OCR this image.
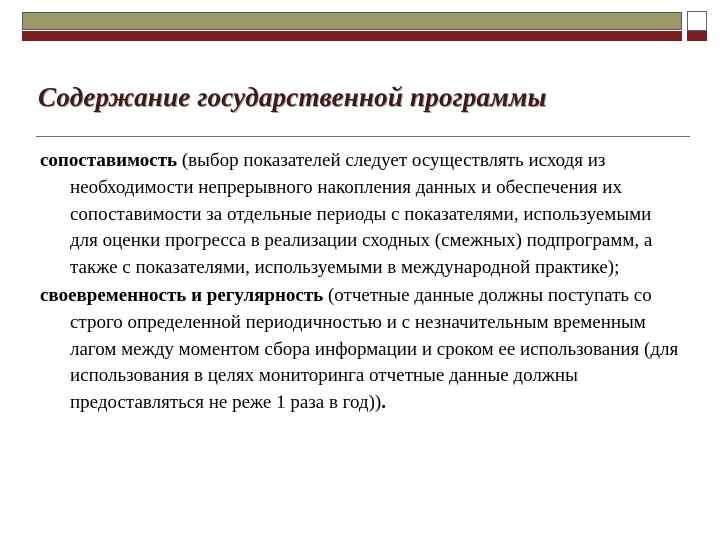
Содержание государственной программы

сопоставимость (выбор показателей следует осуществлять исходя из необходимости непрерывного накопления данных и обеспечения их сопоставимости за отдельные периоды с показателями, используемыми для оценки прогресса в реализации сходных (смежных) подпрограмм, а также с показателями, используемыми в международной практике);

своевременность и регулярность (отчетные данные должны поступать со строго определенной периодичностью и с незначительным временным лагом между моментом сбора информации и сроком ее использования (для использования в целях мониторинга отчетные данные должны предоставляться не реже 1 раза в год)).
